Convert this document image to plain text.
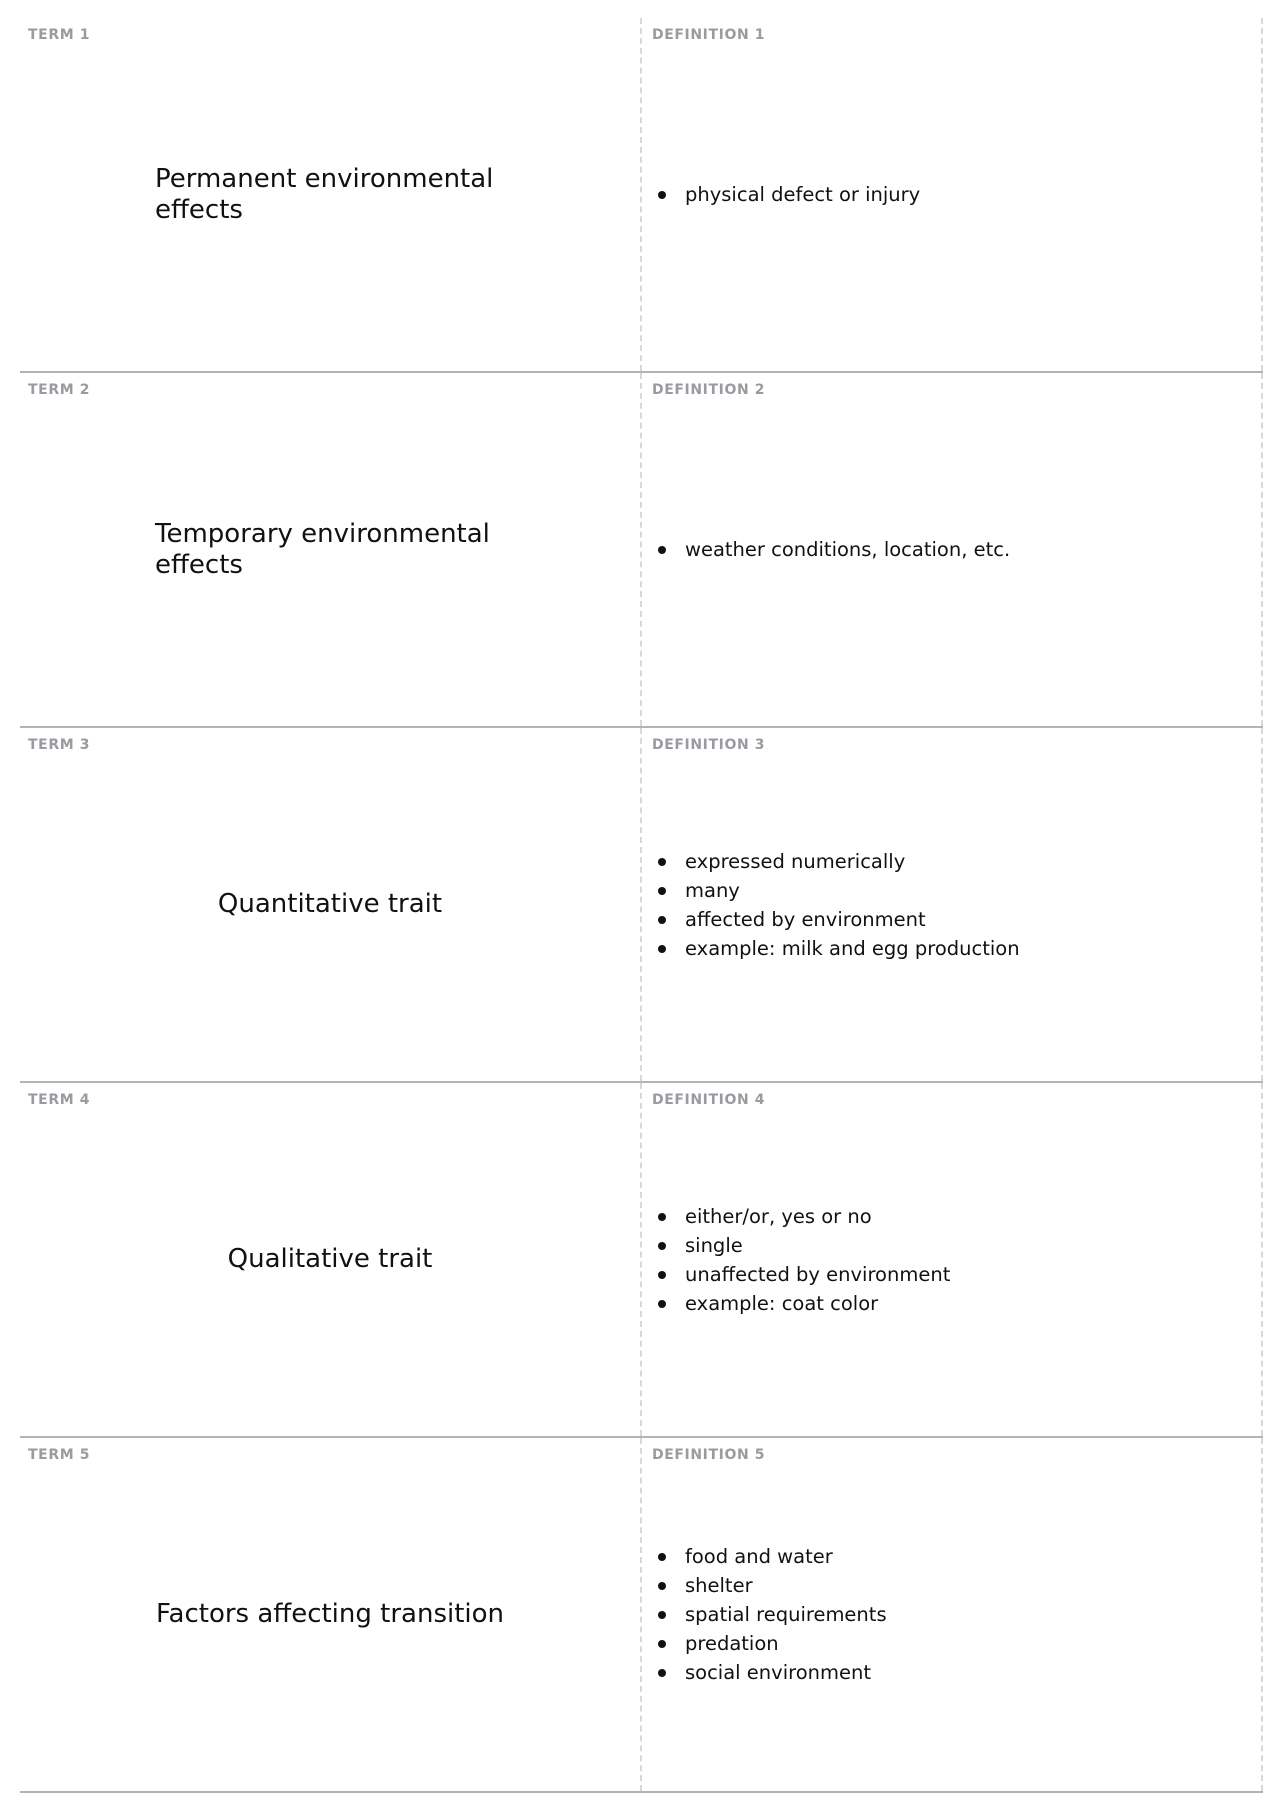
TERM 1
Permanent environmental effects
DEFINITION 1
physical defect or injury
TERM 2
Temporary environmental effects
DEFINITION 2
weather conditions, location, etc.
TERM 3
Quantitative trait
DEFINITION 3
expressed numerically
many
affected by environment
example: milk and egg production
TERM 4
Qualitative trait
DEFINITION 4
either/or, yes or no
single
unaffected by environment
example: coat color
TERM 5
Factors affecting transition
DEFINITION 5
food and water
shelter
spatial requirements
predation
social environment
